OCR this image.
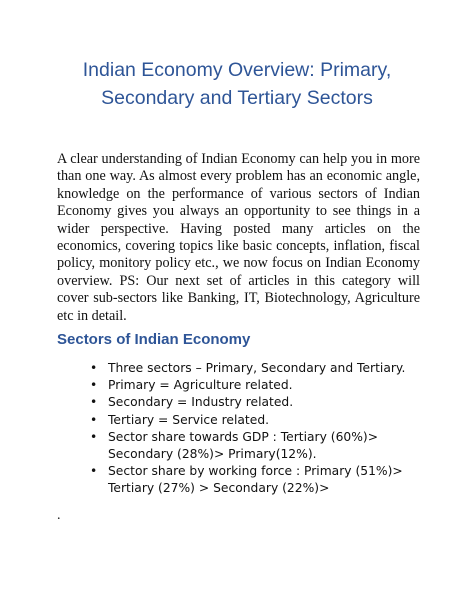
Indian Economy Overview: Primary,
Secondary and Tertiary Sectors

A clear understanding of Indian Economy can help you in more than one way. As almost every problem has an economic angle, knowledge on the performance of various sectors of Indian Economy gives you always an opportunity to see things in a wider perspective. Having posted many articles on the economics, covering topics like basic concepts, inflation, fiscal policy, monitory policy etc., we now focus on Indian Economy overview. PS: Our next set of articles in this category will cover sub-sectors like Banking, IT, Biotechnology, Agriculture etc in detail.

Sectors of Indian Economy
• Three sectors – Primary, Secondary and Tertiary.
• Primary = Agriculture related.
• Secondary = Industry related.
• Tertiary = Service related.
• Sector share towards GDP : Tertiary (60%)> Secondary (28%)> Primary(12%).
• Sector share by working force : Primary (51%)> Tertiary (27%) > Secondary (22%)>
.
